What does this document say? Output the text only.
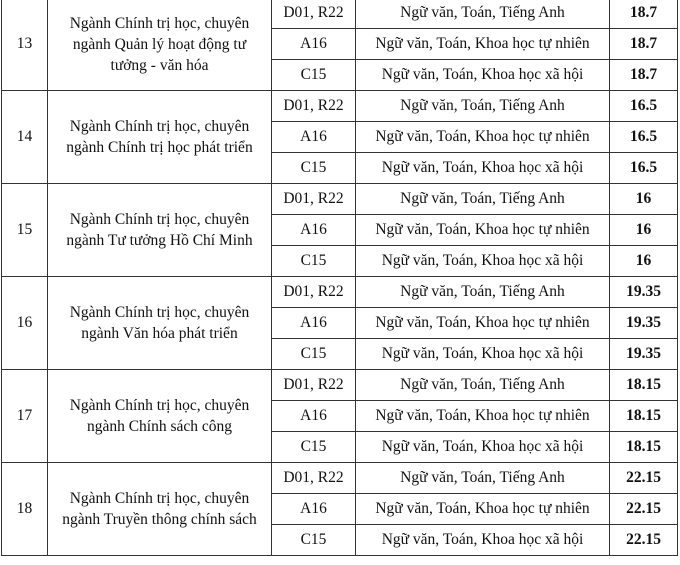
13	Ngành Chính trị học, chuyên
ngành Quản lý hoạt động tư
tưởng - văn hóa	D01, R22	Ngữ văn, Toán, Tiếng Anh	18.7
		A16	Ngữ văn, Toán, Khoa học tự nhiên	18.7
		C15	Ngữ văn, Toán, Khoa học xã hội	18.7
14	Ngành Chính trị học, chuyên
ngành Chính trị học phát triển	D01, R22	Ngữ văn, Toán, Tiếng Anh	16.5
		A16	Ngữ văn, Toán, Khoa học tự nhiên	16.5
		C15	Ngữ văn, Toán, Khoa học xã hội	16.5
15	Ngành Chính trị học, chuyên
ngành Tư tưởng Hồ Chí Minh	D01, R22	Ngữ văn, Toán, Tiếng Anh	16
		A16	Ngữ văn, Toán, Khoa học tự nhiên	16
		C15	Ngữ văn, Toán, Khoa học xã hội	16
16	Ngành Chính trị học, chuyên
ngành Văn hóa phát triển	D01, R22	Ngữ văn, Toán, Tiếng Anh	19.35
		A16	Ngữ văn, Toán, Khoa học tự nhiên	19.35
		C15	Ngữ văn, Toán, Khoa học xã hội	19.35
17	Ngành Chính trị học, chuyên
ngành Chính sách công	D01, R22	Ngữ văn, Toán, Tiếng Anh	18.15
		A16	Ngữ văn, Toán, Khoa học tự nhiên	18.15
		C15	Ngữ văn, Toán, Khoa học xã hội	18.15
18	Ngành Chính trị học, chuyên
ngành Truyền thông chính sách	D01, R22	Ngữ văn, Toán, Tiếng Anh	22.15
		A16	Ngữ văn, Toán, Khoa học tự nhiên	22.15
		C15	Ngữ văn, Toán, Khoa học xã hội	22.15
